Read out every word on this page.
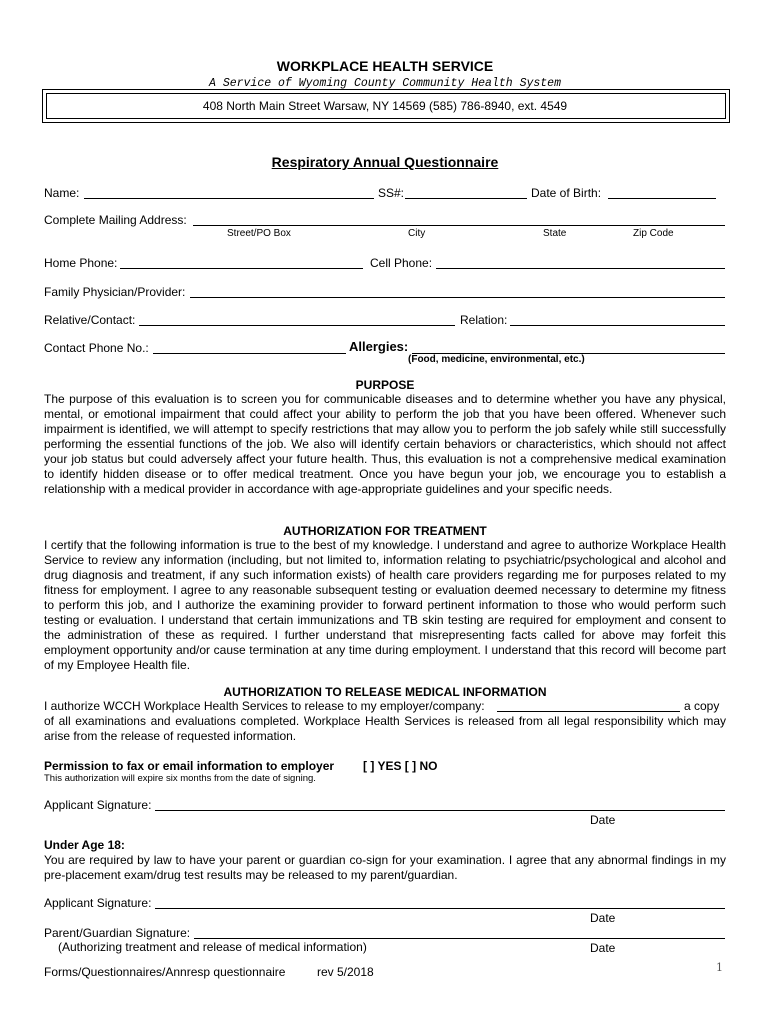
WORKPLACE HEALTH SERVICE
A Service of Wyoming County Community Health System
408 North Main Street Warsaw, NY 14569 (585) 786-8940, ext. 4549
Respiratory Annual Questionnaire
Name:	SS#:	Date of Birth:
Complete Mailing Address:
Street/PO Box	City	State	Zip Code
Home Phone:	Cell Phone:
Family Physician/Provider:
Relative/Contact:	Relation:
Contact Phone No.:	Allergies:
(Food, medicine, environmental, etc.)
PURPOSE
The purpose of this evaluation is to screen you for communicable diseases and to determine whether you have any physical, mental, or emotional impairment that could affect your ability to perform the job that you have been offered. Whenever such impairment is identified, we will attempt to specify restrictions that may allow you to perform the job safely while still successfully performing the essential functions of the job. We also will identify certain behaviors or characteristics, which should not affect your job status but could adversely affect your future health. Thus, this evaluation is not a comprehensive medical examination to identify hidden disease or to offer medical treatment. Once you have begun your job, we encourage you to establish a relationship with a medical provider in accordance with age-appropriate guidelines and your specific needs.
AUTHORIZATION FOR TREATMENT
I certify that the following information is true to the best of my knowledge. I understand and agree to authorize Workplace Health Service to review any information (including, but not limited to, information relating to psychiatric/psychological and alcohol and drug diagnosis and treatment, if any such information exists) of health care providers regarding me for purposes related to my fitness for employment. I agree to any reasonable subsequent testing or evaluation deemed necessary to determine my fitness to perform this job, and I authorize the examining provider to forward pertinent information to those who would perform such testing or evaluation. I understand that certain immunizations and TB skin testing are required for employment and consent to the administration of these as required. I further understand that misrepresenting facts called for above may forfeit this employment opportunity and/or cause termination at any time during employment. I understand that this record will become part of my Employee Health file.
AUTHORIZATION TO RELEASE MEDICAL INFORMATION
I authorize WCCH Workplace Health Services to release to my employer/company:	a copy
of all examinations and evaluations completed. Workplace Health Services is released from all legal responsibility which may arise from the release of requested information.
Permission to fax or email information to employer [ ] YES [ ] NO
This authorization will expire six months from the date of signing.
Applicant Signature:
Date
Under Age 18:
You are required by law to have your parent or guardian co-sign for your examination. I agree that any abnormal findings in my pre-placement exam/drug test results may be released to my parent/guardian.
Applicant Signature:
Date
Parent/Guardian Signature:
(Authorizing treatment and release of medical information)	Date
Forms/Questionnaires/Annresp questionnaire	rev 5/2018	1
